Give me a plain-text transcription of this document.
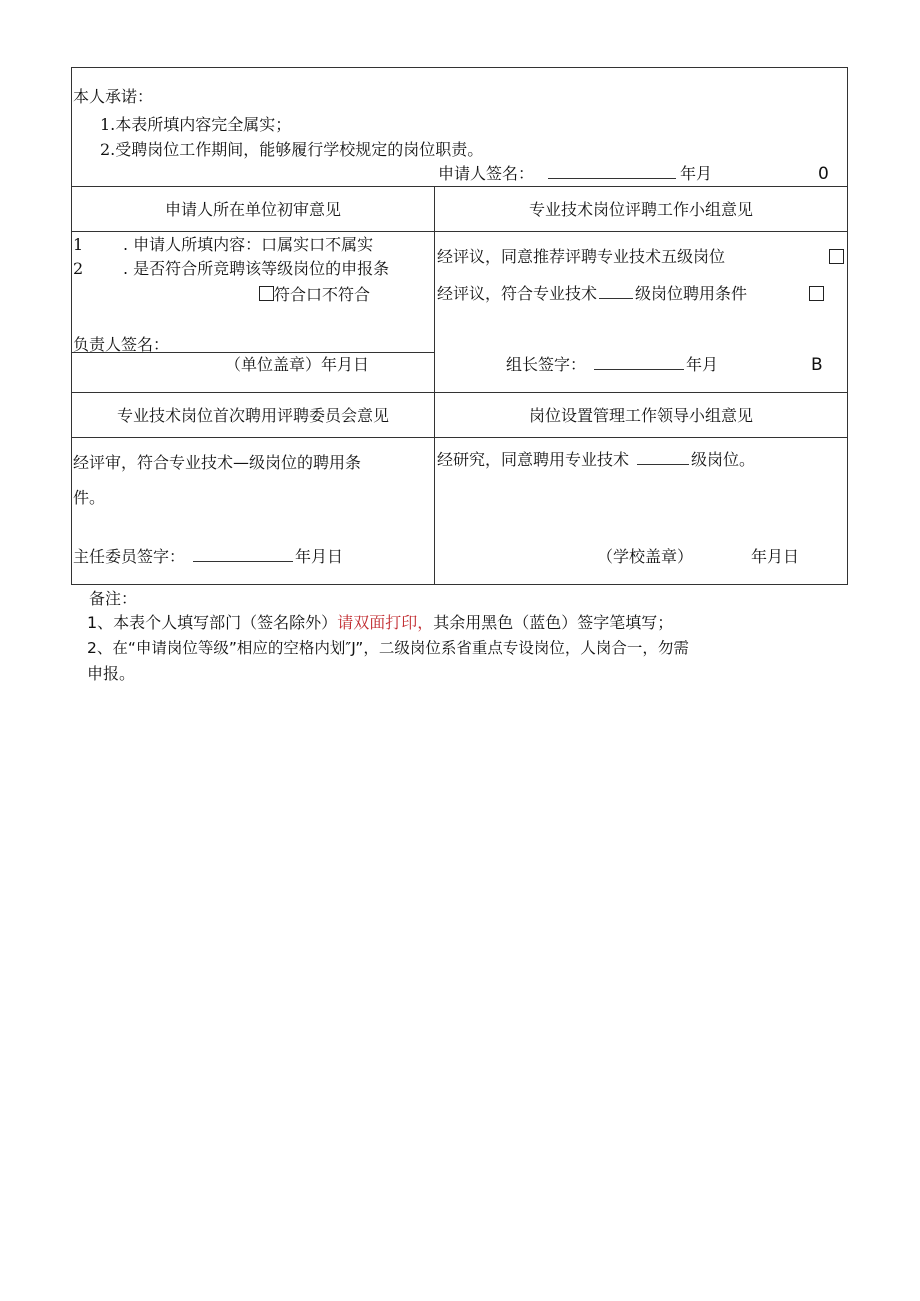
本人承诺：
1.本表所填内容完全属实；
2.受聘岗位工作期间，能够履行学校规定的岗位职责。
申请人签名：	年月	0
申请人所在单位初审意见	专业技术岗位评聘工作小组意见
1 . 申请人所填内容：口属实口不属实
2 . 是否符合所竞聘该等级岗位的申报条
符合口不符合
负责人签名：
（单位盖章）年月日
经评议，同意推荐评聘专业技术五级岗位
经评议，符合专业技术 级岗位聘用条件
组长签字：	年月	B
专业技术岗位首次聘用评聘委员会意见	岗位设置管理工作领导小组意见
经评审，符合专业技术—级岗位的聘用条
件。
主任委员签字：	年月日
经研究，同意聘用专业技术	级岗位。
（学校盖章）	年月日
备注：
1、本表个人填写部门（签名除外）请双面打印，其余用黑色（蓝色）签字笔填写；
2、在“申请岗位等级”相应的空格内划″J”，二级岗位系省重点专设岗位，人岗合一，勿需
申报。
